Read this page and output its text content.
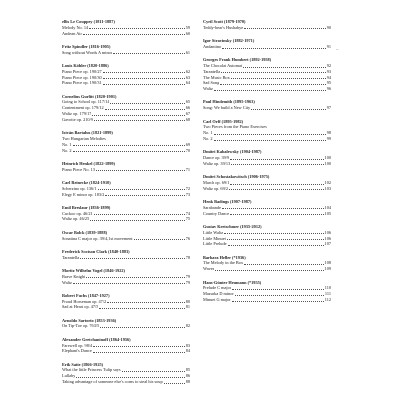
ellis Le Couppey (1811-1887)
Melody No. 14	59
Andean Air	60
Fritz Spindler (1816-1905)
Song without Words A minor	61
Louis Köhler (1820-1886)
Piano Piece op. 190/27	62
Piano Piece op. 190/30	63
Piano Piece op. 190/31	64
Cornelius Gurlitt (1820-1901)
Going to School op. 117/14	65
Contentment op. 179/12	66
Waltz op. 179/17	67
Gavotte op. 210/9	68
István Bartalus (1821-1899)
Two Hungarian Melodies
No. 1	69
No. 2	70
Heinrich Henkel (1822-1899)
Piano Piece No. 13	71
Carl Reinecke (1824-1910)
Scherzino op. 136/1	72
Elegy E minor op. 183/2	73
Emil Breslaur (1836-1899)
Cuckoo op. 46/21	74
Waltz op. 46/25	75
Oscar Bolck (1839-1888)
Sonatina C major op. 39/4,1st movement	76
Frederick Scotson Clark (1840-1883)
Tarantella	78
Moritz Wilhelm Vogel (1846-1922)
Brave Knight	79
Waltz	79
Robert Fuchs (1847-1927)
Proud Horseman op. 47/2	80
Sad at Heart op. 47/5	81
Arnoldo Sartorio (1853-1936)
On Tip-Toe op. 763/5	82
Alexander Gretchaninoff (1864-1956)
Farewell op. 98/4	83
Elephant's Dance	84
Erik Satie (1866-1925)
What the little Princess Tulip says	85
Lullaby	86
Taking advantage of someone else's corns to steal his soup	88
Cyril Scott (1879-1970)
Teddy-bear's Hushabye	90
Igor Stravinsky (1882-1971)
Andantino	91
Georges Frank Humbert (1892-1958)
The Chocolat Automat	92
Tarantella	93
The Music Box	94
Sad Song	95
Waltz	96
Paul Hindemith (1895-1963)
Song: We build a New City	97
Carl Orff (1895-1982)
Two Pieces from the Piano Exercises
No. 1	98
No. 2	99
Dmitri Kabalewsky (1904-1987)
Dance op. 39/9	100
Waltz op. 39/13	100
Dmitri Schostakowitsch (1906-1975)
March op. 69/1	102
Waltz op. 69/2	103
Henk Badings (1907-1987)
Sarabande	104
Country Dance	105
Gustav Kretschmer (1935-2012)
Little Waltz	106
Little Minuet	106
Little Prelude	107
Barbara Heller (*1936)
The Melody in the Box	108
Waves	109
Hans-Günter Heumann (*1955)
Prelude C major	110
Mazurka D minor	111
Minuet G major	112
--
